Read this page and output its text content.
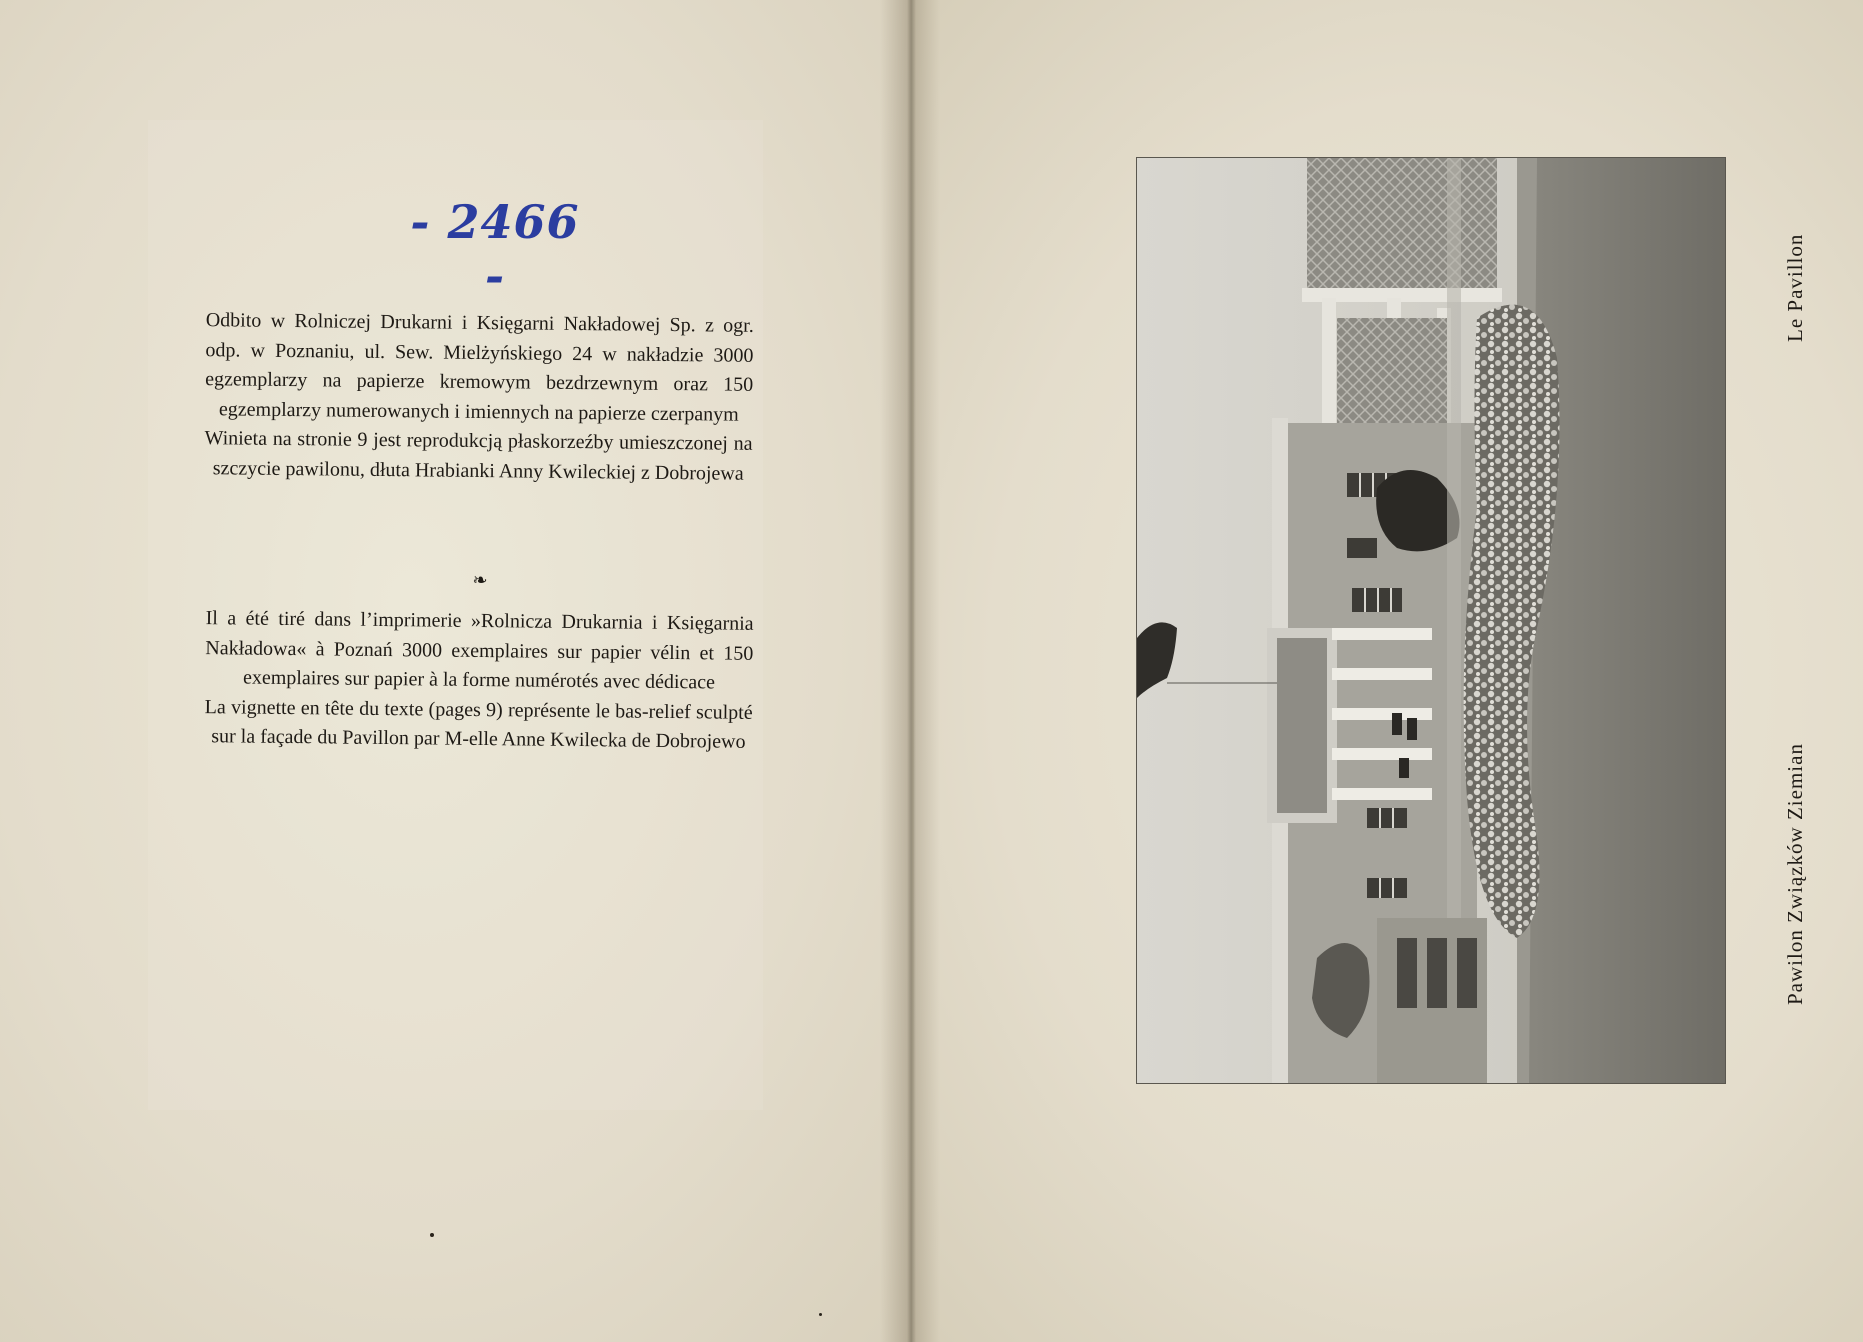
- 2466 -

Odbito w Rolniczej Drukarni i Księgarni Nakładowej Sp. z ogr. odp. w Poznaniu, ul. Sew. Mielżyńskiego 24 w nakładzie 3000 egzemplarzy na papierze kremowym bezdrzewnym oraz 150 egzemplarzy numerowanych i imiennych na papierze czerpanym

Winieta na stronie 9 jest reprodukcją płaskorzeźby umieszczonej na szczycie pawilonu, dłuta Hrabianki Anny Kwileckiej z Dobrojewa

❧

Il a été tiré dans l’imprimerie »Rolnicza Drukarnia i Księgarnia Nakładowa« à Poznań 3000 exemplaires sur papier vélin et 150 exemplaires sur papier à la forme numérotés avec dédicace

La vignette en tête du texte (pages 9) représente le bas-relief sculpté sur la façade du Pavillon par M-elle Anne Kwilecka de Dobrojewo

Le Pavillon
Pawilon Związków Ziemian
